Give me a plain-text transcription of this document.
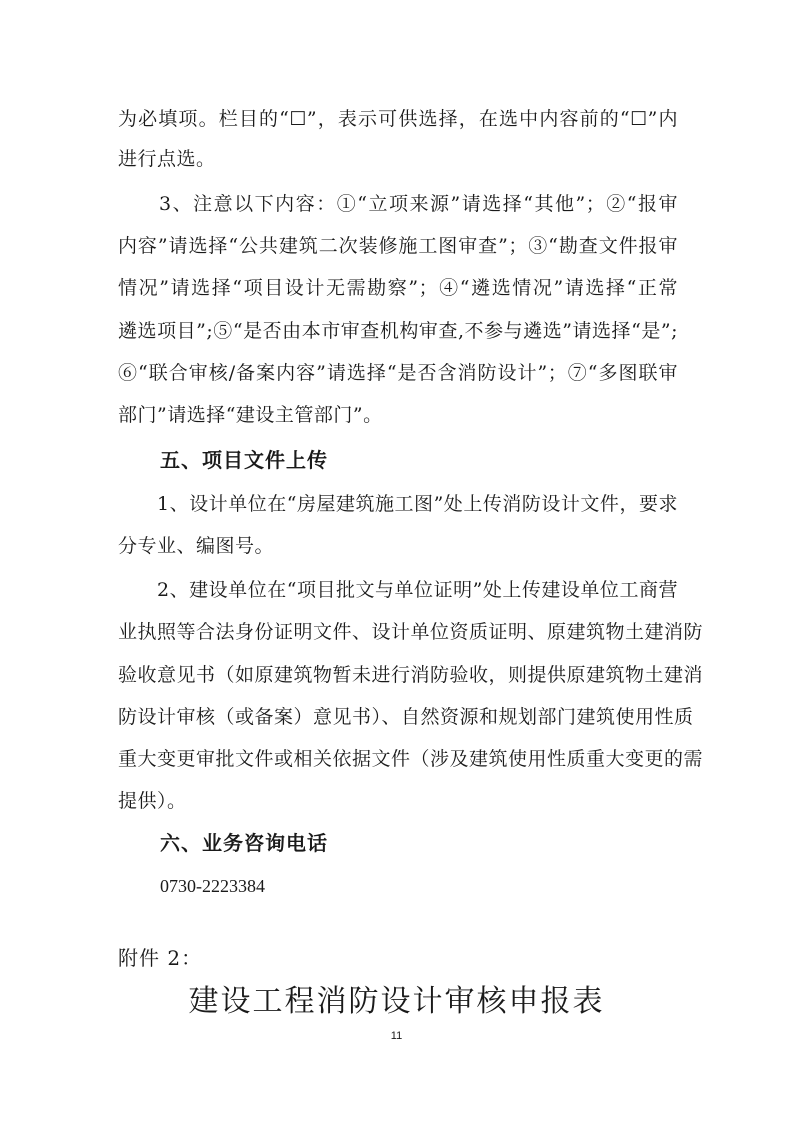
为必填项。栏目的“☐”，表示可供选择，在选中内容前的“☐”内
进行点选。
　　3、注意以下内容：①“立项来源”请选择“其他”；②“报审
内容”请选择“公共建筑二次装修施工图审查”；③“勘查文件报审
情况”请选择“项目设计无需勘察”；④“遴选情况”请选择“正常
遴选项目”;⑤“是否由本市审查机构审查,不参与遴选”请选择“是”;
⑥“联合审核/备案内容”请选择“是否含消防设计”；⑦“多图联审
部门”请选择“建设主管部门”。
五、项目文件上传
　　1、设计单位在“房屋建筑施工图”处上传消防设计文件，要求
分专业、编图号。
　　2、建设单位在“项目批文与单位证明”处上传建设单位工商营
业执照等合法身份证明文件、设计单位资质证明、原建筑物土建消防
验收意见书（如原建筑物暂未进行消防验收，则提供原建筑物土建消
防设计审核（或备案）意见书）、自然资源和规划部门建筑使用性质
重大变更审批文件或相关依据文件（涉及建筑使用性质重大变更的需
提供）。
六、业务咨询电话
0730-2223384
附件 2：
建设工程消防设计审核申报表
11
